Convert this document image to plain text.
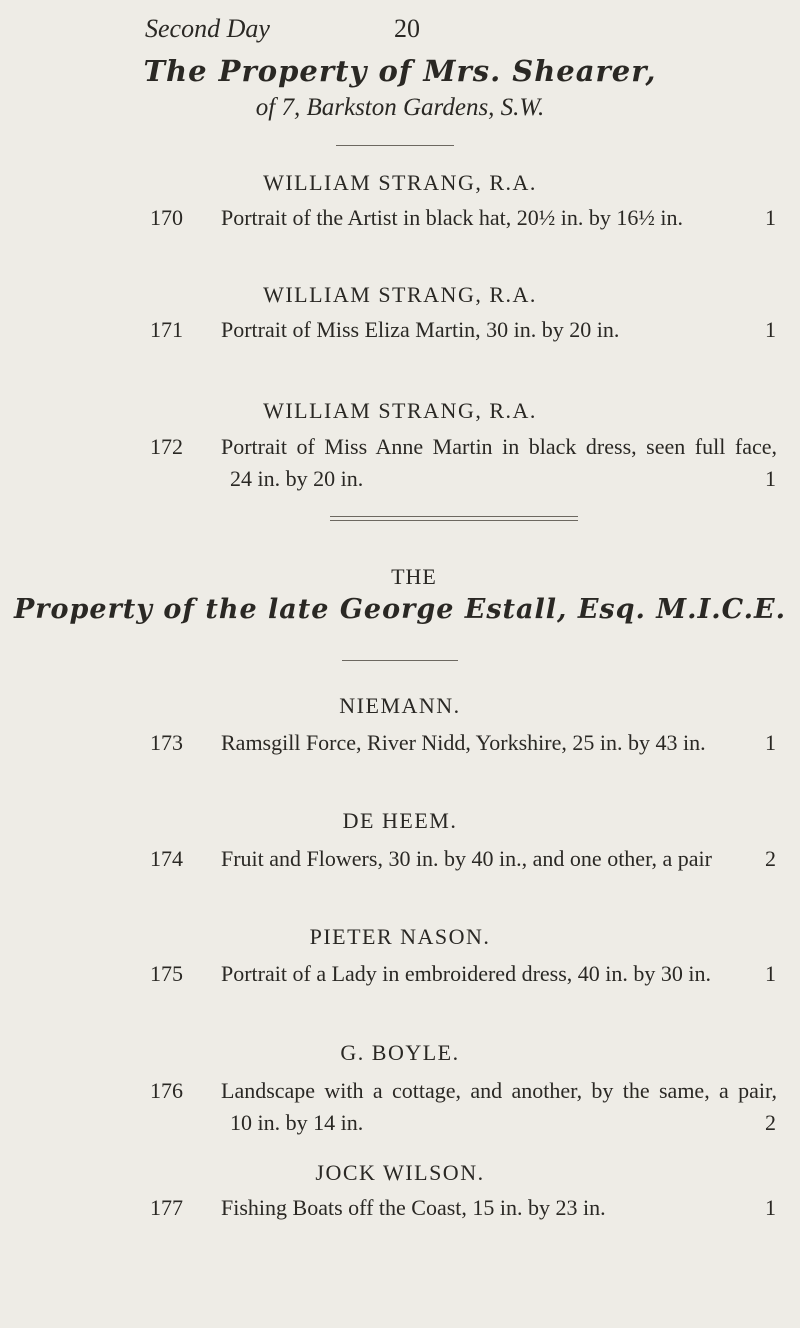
Second Day	20
The Property of Mrs. Shearer,
of 7, Barkston Gardens, S.W.
WILLIAM STRANG, R.A.
170 Portrait of the Artist in black hat, 20½ in. by 16½ in.	1
WILLIAM STRANG, R.A.
171 Portrait of Miss Eliza Martin, 30 in. by 20 in.	1
WILLIAM STRANG, R.A.
172 Portrait of Miss Anne Martin in black dress, seen full face,
24 in. by 20 in.	1
THE
Property of the late George Estall, Esq. M.I.C.E.
NIEMANN.
173 Ramsgill Force, River Nidd, Yorkshire, 25 in. by 43 in.	1
DE HEEM.
174 Fruit and Flowers, 30 in. by 40 in., and one other, a pair	2
PIETER NASON.
175 Portrait of a Lady in embroidered dress, 40 in. by 30 in.	1
G. BOYLE.
176 Landscape with a cottage, and another, by the same, a pair,
10 in. by 14 in.	2
JOCK WILSON.
177 Fishing Boats off the Coast, 15 in. by 23 in.	1
